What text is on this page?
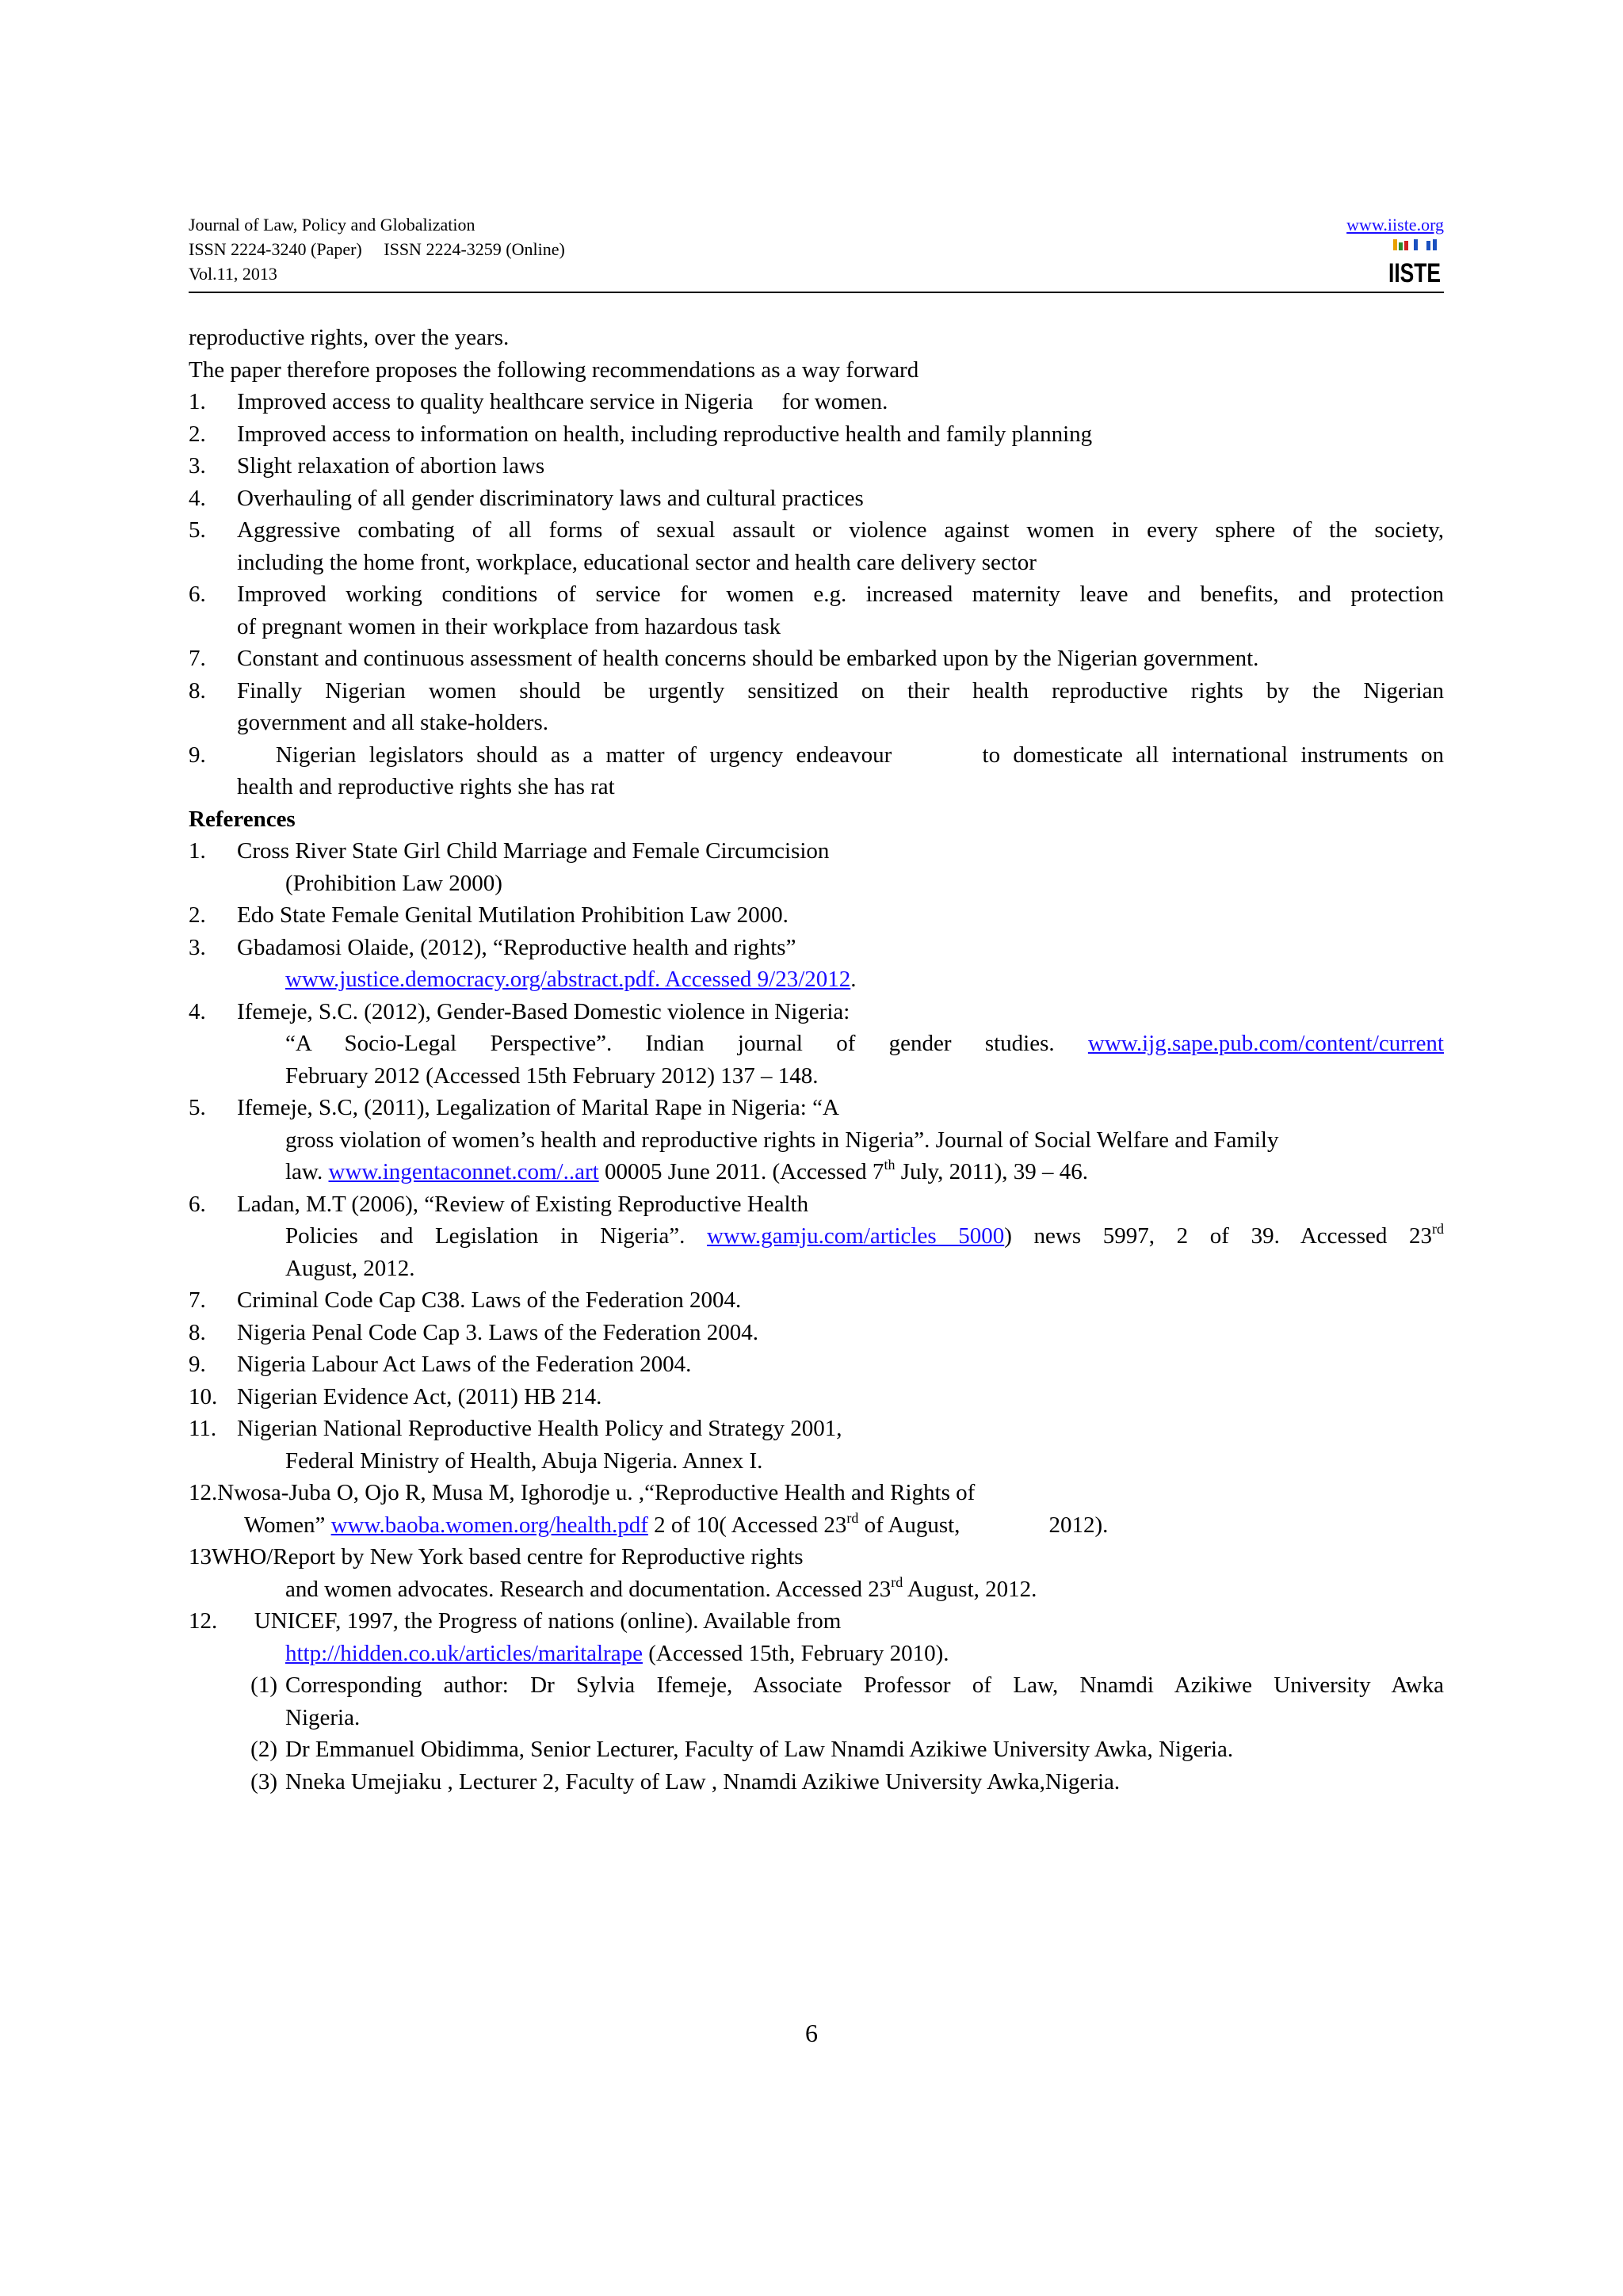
Journal of Law, Policy and Globalization
ISSN 2224-3240 (Paper)     ISSN 2224-3259 (Online)
Vol.11, 2013
www.iiste.org
IISTE
reproductive rights, over the years.
The paper therefore proposes the following recommendations as a way forward
1.	Improved access to quality healthcare service in Nigeria     for women.
2.	Improved access to information on health, including reproductive health and family planning
3.	Slight relaxation of abortion laws
4.	Overhauling of all gender discriminatory laws and cultural practices
5.	Aggressive combating of all forms of sexual assault or violence against women in every sphere of the society,
including the home front, workplace, educational sector and health care delivery sector
6.	Improved working conditions of service for women e.g. increased maternity leave and benefits, and protection
of pregnant women in their workplace from hazardous task
7.	Constant and continuous assessment of health concerns should be embarked upon by the Nigerian government.
8.	Finally Nigerian women should be urgently sensitized on their health reproductive rights by the Nigerian
government and all stake-holders.
9.	Nigerian legislators should as a matter of urgency endeavour       to domesticate all international instruments on
health and reproductive rights she has rat
References
1.	Cross River State Girl Child Marriage and Female Circumcision
(Prohibition Law 2000)
2.	Edo State Female Genital Mutilation Prohibition Law 2000.
3.	Gbadamosi Olaide, (2012), “Reproductive health and rights”
www.justice.democracy.org/abstract.pdf. Accessed 9/23/2012.
4.	Ifemeje, S.C. (2012), Gender-Based Domestic violence in Nigeria:
“A Socio-Legal Perspective”. Indian journal of gender studies. www.ijg.sape.pub.com/content/current
February 2012 (Accessed 15th February 2012) 137 – 148.
5.	Ifemeje, S.C, (2011), Legalization of Marital Rape in Nigeria: “A
gross violation of women’s health and reproductive rights in Nigeria”. Journal of Social Welfare and Family
law. www.ingentaconnet.com/..art 00005 June 2011. (Accessed 7th July, 2011), 39 – 46.
6.	Ladan, M.T (2006), “Review of Existing Reproductive Health
Policies and Legislation in Nigeria”. www.gamju.com/articles 5000) news 5997, 2 of 39. Accessed 23rd
August, 2012.
7.	Criminal Code Cap C38. Laws of the Federation 2004.
8.	Nigeria Penal Code Cap 3. Laws of the Federation 2004.
9.	Nigeria Labour Act Laws of the Federation 2004.
10. Nigerian Evidence Act, (2011) HB 214.
11. Nigerian National Reproductive Health Policy and Strategy 2001,
Federal Ministry of Health, Abuja Nigeria. Annex I.
12.Nwosa-Juba O, Ojo R, Musa M, Ighorodje u. ,“Reproductive Health and Rights of
Women” www.baoba.women.org/health.pdf 2 of 10( Accessed 23rd of August,	2012).
13WHO/Report by New York based centre for Reproductive rights
and women advocates. Research and documentation. Accessed 23rd August, 2012.
12. UNICEF, 1997, the Progress of nations (online). Available from
http://hidden.co.uk/articles/maritalrape (Accessed 15th, February 2010).
(1) Corresponding author: Dr Sylvia Ifemeje, Associate Professor of Law, Nnamdi Azikiwe University Awka
Nigeria.
(2) Dr Emmanuel Obidimma, Senior Lecturer, Faculty of Law Nnamdi Azikiwe University Awka, Nigeria.
(3) Nneka Umejiaku , Lecturer 2, Faculty of Law , Nnamdi Azikiwe University Awka,Nigeria.
6
